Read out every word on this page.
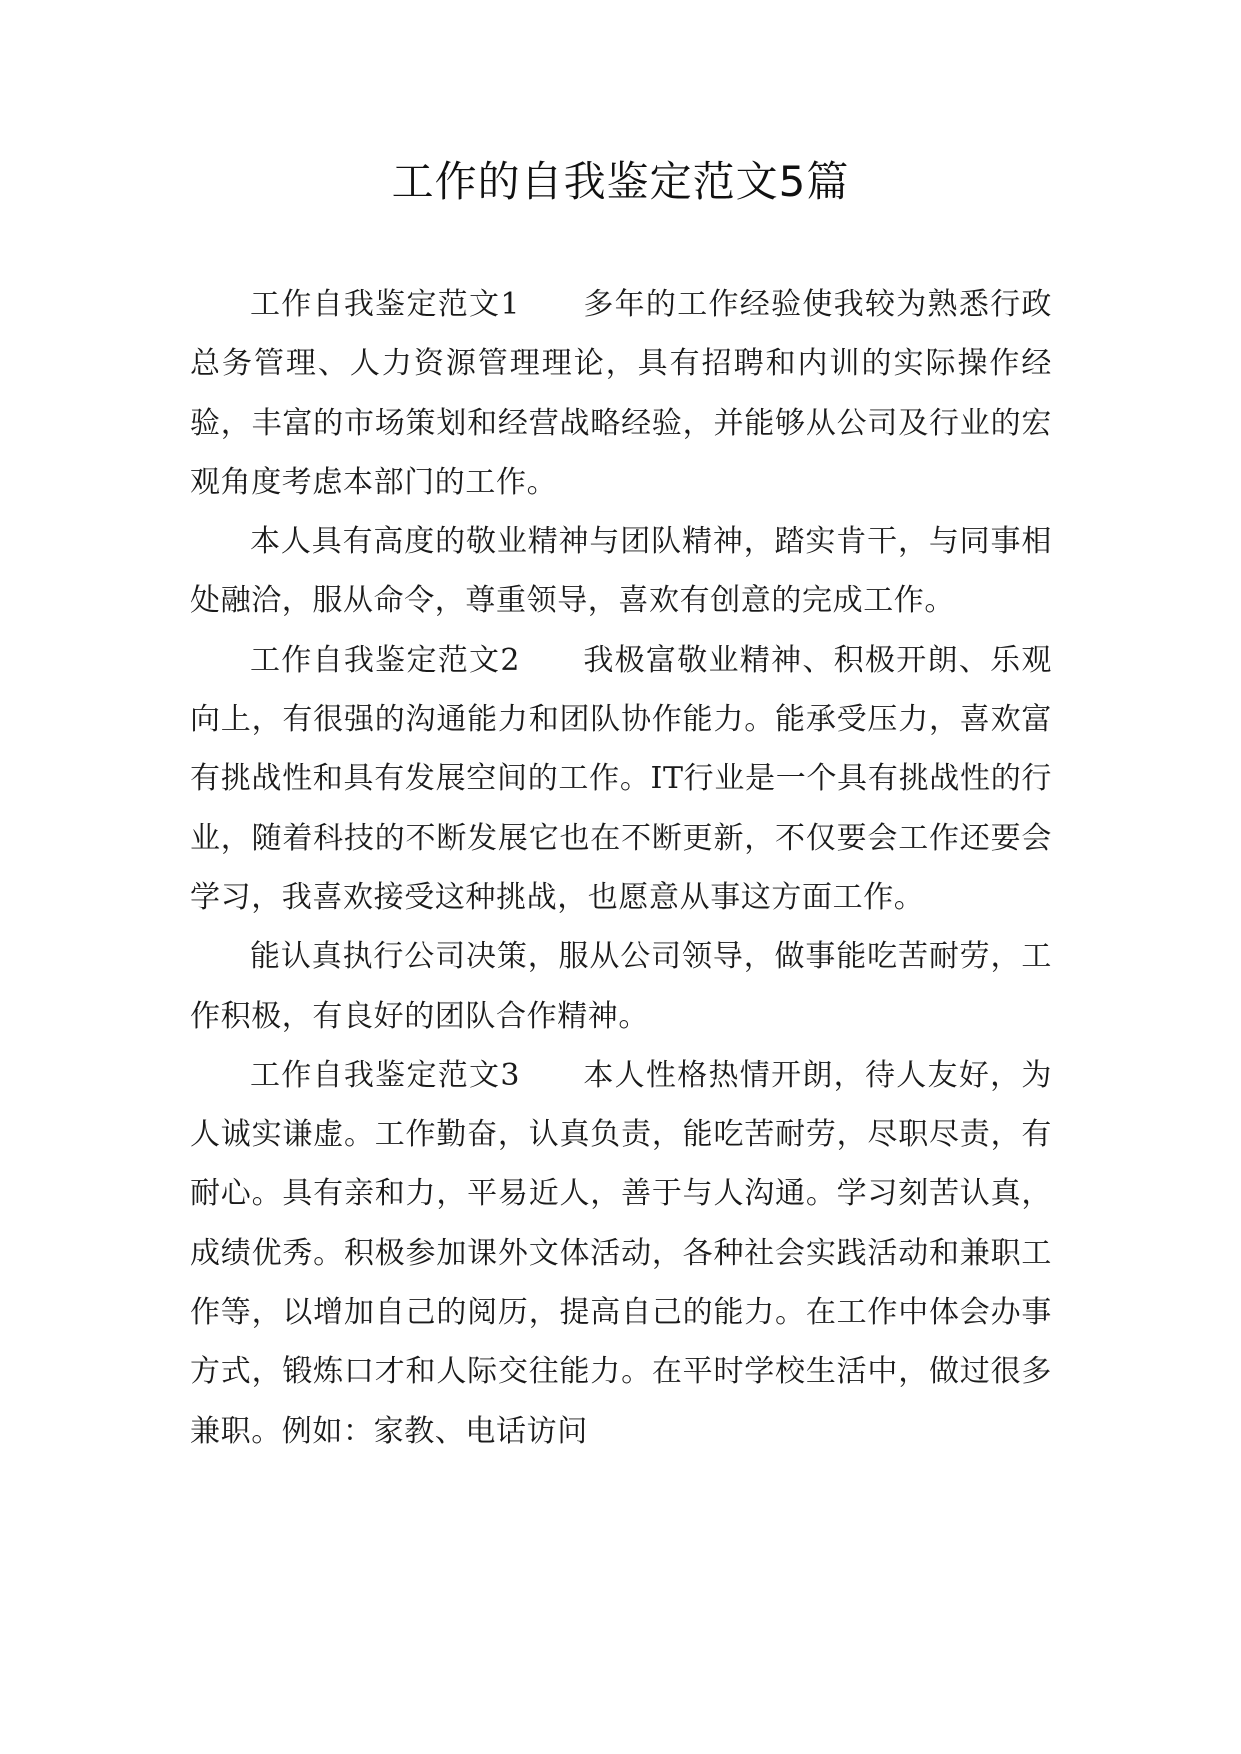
工作的自我鉴定范文5篇

工作自我鉴定范文1　　多年的工作经验使我较为熟悉行政总务管理、人力资源管理理论，具有招聘和内训的实际操作经验，丰富的市场策划和经营战略经验，并能够从公司及行业的宏观角度考虑本部门的工作。

本人具有高度的敬业精神与团队精神，踏实肯干，与同事相处融洽，服从命令，尊重领导，喜欢有创意的完成工作。

工作自我鉴定范文2　　我极富敬业精神、积极开朗、乐观向上，有很强的沟通能力和团队协作能力。能承受压力，喜欢富有挑战性和具有发展空间的工作。IT行业是一个具有挑战性的行业，随着科技的不断发展它也在不断更新，不仅要会工作还要会学习，我喜欢接受这种挑战，也愿意从事这方面工作。

能认真执行公司决策，服从公司领导，做事能吃苦耐劳，工作积极，有良好的团队合作精神。

工作自我鉴定范文3　　本人性格热情开朗，待人友好，为人诚实谦虚。工作勤奋，认真负责，能吃苦耐劳，尽职尽责，有耐心。具有亲和力，平易近人，善于与人沟通。学习刻苦认真，成绩优秀。积极参加课外文体活动，各种社会实践活动和兼职工作等，以增加自己的阅历，提高自己的能力。在工作中体会办事方式，锻炼口才和人际交往能力。在平时学校生活中，做过很多兼职。例如：家教、电话访问
